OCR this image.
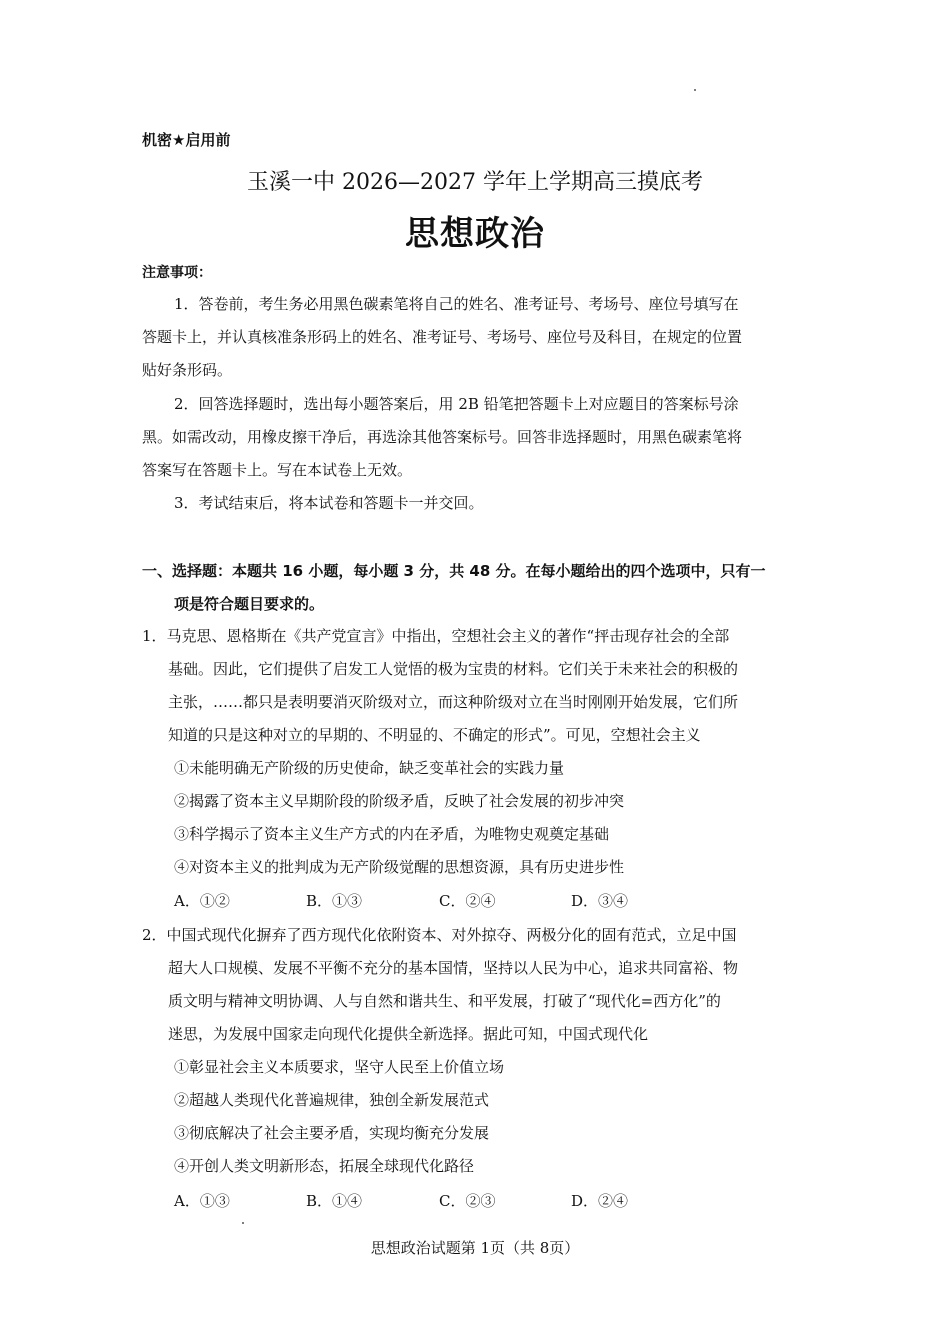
机密★启用前
玉溪一中 2026—2027 学年上学期高三摸底考
思想政治
注意事项：
1．答卷前，考生务必用黑色碳素笔将自己的姓名、准考证号、考场号、座位号填写在
答题卡上，并认真核准条形码上的姓名、准考证号、考场号、座位号及科目，在规定的位置
贴好条形码。
2．回答选择题时，选出每小题答案后，用 2B 铅笔把答题卡上对应题目的答案标号涂
黑。如需改动，用橡皮擦干净后，再选涂其他答案标号。回答非选择题时，用黑色碳素笔将
答案写在答题卡上。写在本试卷上无效。
3．考试结束后，将本试卷和答题卡一并交回。
一、选择题：本题共 16 小题，每小题 3 分，共 48 分。在每小题给出的四个选项中，只有一
项是符合题目要求的。
1．马克思、恩格斯在《共产党宣言》中指出，空想社会主义的著作“抨击现存社会的全部
基础。因此，它们提供了启发工人觉悟的极为宝贵的材料。它们关于未来社会的积极的
主张，……都只是表明要消灭阶级对立，而这种阶级对立在当时刚刚开始发展，它们所
知道的只是这种对立的早期的、不明显的、不确定的形式”。可见，空想社会主义
①未能明确无产阶级的历史使命，缺乏变革社会的实践力量
②揭露了资本主义早期阶段的阶级矛盾，反映了社会发展的初步冲突
③科学揭示了资本主义生产方式的内在矛盾，为唯物史观奠定基础
④对资本主义的批判成为无产阶级觉醒的思想资源，具有历史进步性
A．①②	B．①③	C．②④	D．③④
2．中国式现代化摒弃了西方现代化依附资本、对外掠夺、两极分化的固有范式，立足中国
超大人口规模、发展不平衡不充分的基本国情，坚持以人民为中心，追求共同富裕、物
质文明与精神文明协调、人与自然和谐共生、和平发展，打破了“现代化=西方化”的
迷思，为发展中国家走向现代化提供全新选择。据此可知，中国式现代化
①彰显社会主义本质要求，坚守人民至上价值立场
②超越人类现代化普遍规律，独创全新发展范式
③彻底解决了社会主要矛盾，实现均衡充分发展
④开创人类文明新形态，拓展全球现代化路径
A．①③	B．①④	C．②③	D．②④
思想政治试题第 1页（共 8页）
